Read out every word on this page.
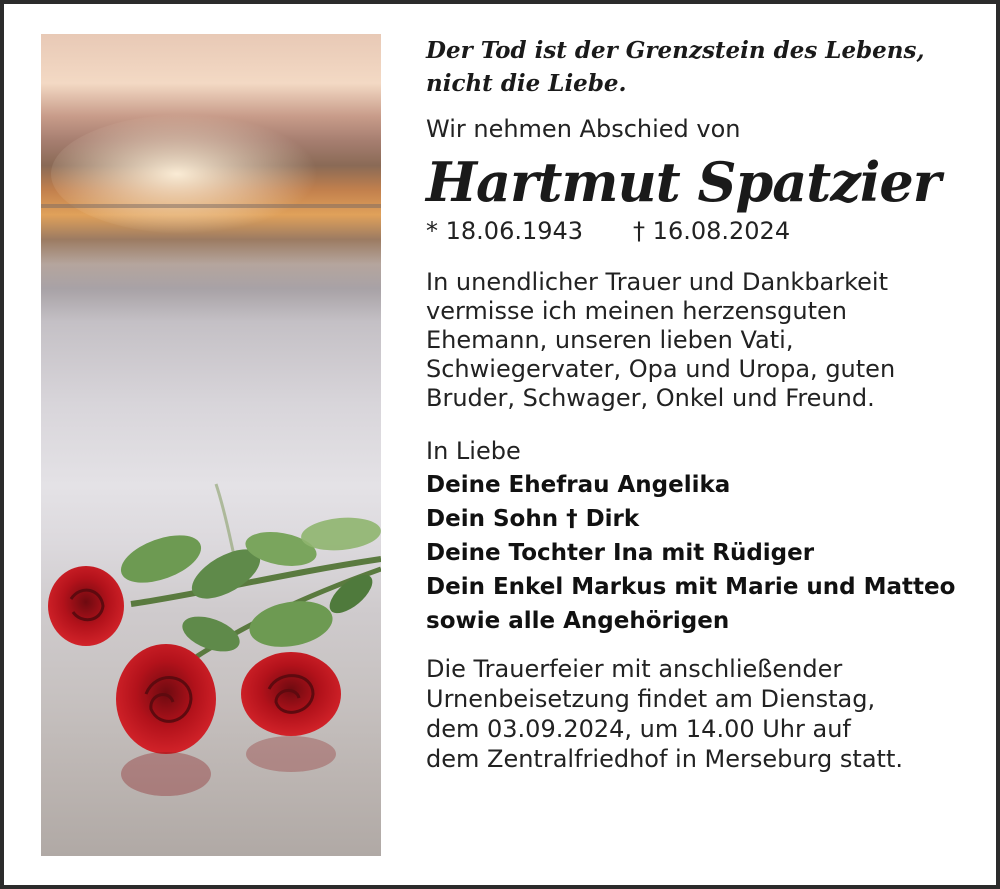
Der Tod ist der Grenzstein des Lebens,
nicht die Liebe.

Wir nehmen Abschied von
Hartmut Spatzier
* 18.06.1943 † 16.08.2024
In unendlicher Trauer und Dankbarkeit
vermisse ich meinen herzensguten
Ehemann, unseren lieben Vati,
Schwiegervater, Opa und Uropa, guten
Bruder, Schwager, Onkel und Freund.
In Liebe
Deine Ehefrau Angelika
Dein Sohn † Dirk
Deine Tochter Ina mit Rüdiger
Dein Enkel Markus mit Marie und Matteo
sowie alle Angehörigen
Die Trauerfeier mit anschließender
Urnenbeisetzung findet am Dienstag,
dem 03.09.2024, um 14.00 Uhr auf
dem Zentralfriedhof in Merseburg statt.
